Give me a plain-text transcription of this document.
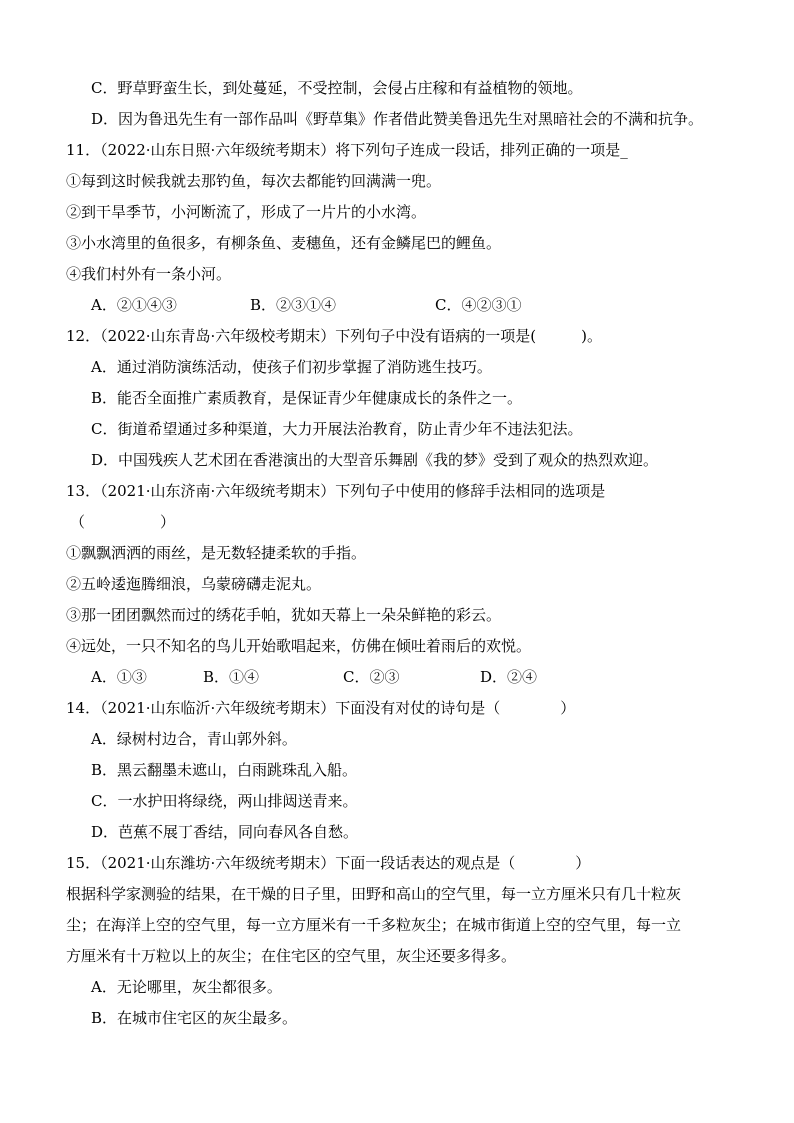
C．野草野蛮生长，到处蔓延，不受控制，会侵占庄稼和有益植物的领地。
D．因为鲁迅先生有一部作品叫《野草集》作者借此赞美鲁迅先生对黑暗社会的不满和抗争。
11．（2022·山东日照·六年级统考期末）将下列句子连成一段话，排列正确的一项是_
①每到这时候我就去那钓鱼，每次去都能钓回满满一兜。
②到干旱季节，小河断流了，形成了一片片的小水湾。
③小水湾里的鱼很多，有柳条鱼、麦穗鱼，还有金鳞尾巴的鲤鱼。
④我们村外有一条小河。
A．②①④③	B．②③①④	C．④②③①
12．（2022·山东青岛·六年级校考期末）下列句子中没有语病的一项是(　　　)。
A．通过消防演练活动，使孩子们初步掌握了消防逃生技巧。
B．能否全面推广素质教育，是保证青少年健康成长的条件之一。
C．街道希望通过多种渠道，大力开展法治教育，防止青少年不违法犯法。
D．中国残疾人艺术团在香港演出的大型音乐舞剧《我的梦》受到了观众的热烈欢迎。
13．（2021·山东济南·六年级统考期末）下列句子中使用的修辞手法相同的选项是
（　　　　　）
①飘飘洒洒的雨丝，是无数轻捷柔软的手指。
②五岭逶迤腾细浪，乌蒙磅礴走泥丸。
③那一团团飘然而过的绣花手帕，犹如天幕上一朵朵鲜艳的彩云。
④远处，一只不知名的鸟儿开始歌唱起来，仿佛在倾吐着雨后的欢悦。
A．①③	B．①④	C．②③	D．②④
14．（2021·山东临沂·六年级统考期末）下面没有对仗的诗句是（　　　　）
A．绿树村边合，青山郭外斜。
B．黑云翻墨未遮山，白雨跳珠乱入船。
C．一水护田将绿绕，两山排闼送青来。
D．芭蕉不展丁香结，同向春风各自愁。
15．（2021·山东潍坊·六年级统考期末）下面一段话表达的观点是（　　　　）
根据科学家测验的结果，在干燥的日子里，田野和高山的空气里，每一立方厘米只有几十粒灰
尘；在海洋上空的空气里，每一立方厘米有一千多粒灰尘；在城市街道上空的空气里，每一立
方厘米有十万粒以上的灰尘；在住宅区的空气里，灰尘还要多得多。
A．无论哪里，灰尘都很多。
B．在城市住宅区的灰尘最多。
